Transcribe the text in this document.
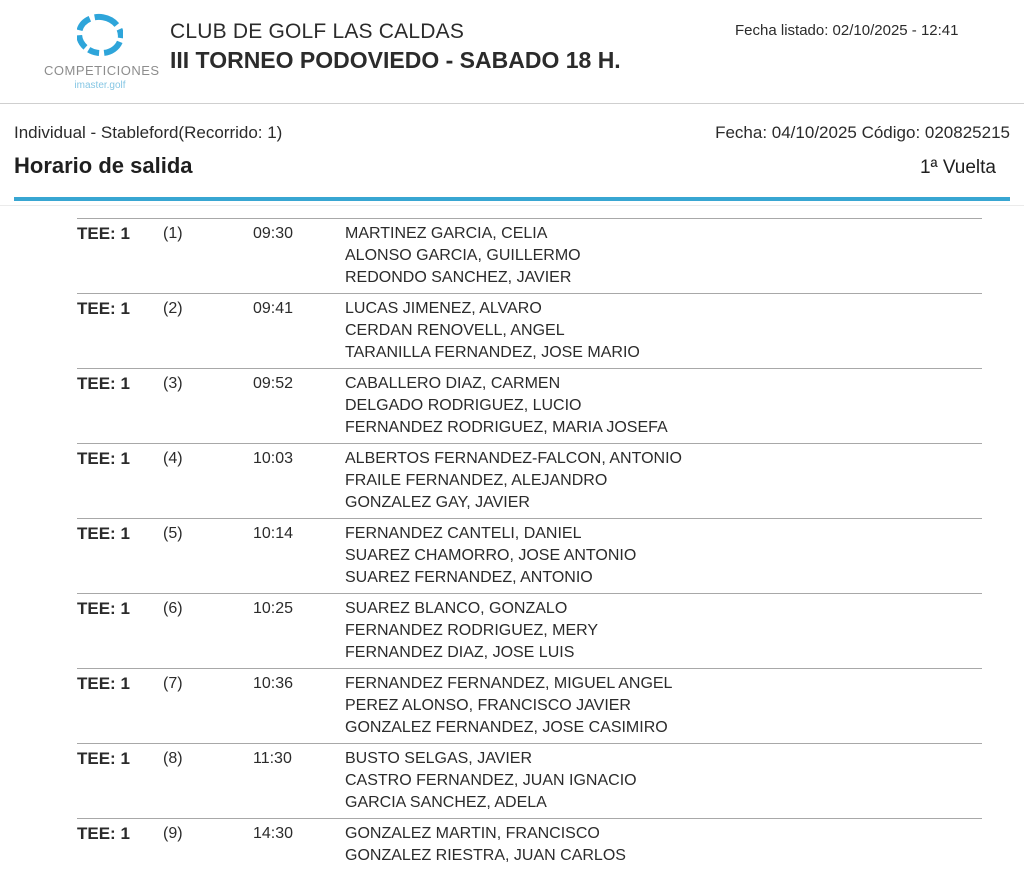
COMPETICIONES
imaster.golf
CLUB DE GOLF LAS CALDAS
III TORNEO PODOVIEDO - SABADO 18 H.
Fecha listado: 02/10/2025 - 12:41
Individual - Stableford(Recorrido: 1)	Fecha: 04/10/2025 Código: 020825215
Horario de salida	1ª Vuelta
TEE: 1	(1)	09:30	MARTINEZ GARCIA, CELIA
ALONSO GARCIA, GUILLERMO
REDONDO SANCHEZ, JAVIER

TEE: 1	(2)	09:41	LUCAS JIMENEZ, ALVARO
CERDAN RENOVELL, ANGEL
TARANILLA FERNANDEZ, JOSE MARIO

TEE: 1	(3)	09:52	CABALLERO DIAZ, CARMEN
DELGADO RODRIGUEZ, LUCIO
FERNANDEZ RODRIGUEZ, MARIA JOSEFA

TEE: 1	(4)	10:03	ALBERTOS FERNANDEZ-FALCON, ANTONIO
FRAILE FERNANDEZ, ALEJANDRO
GONZALEZ GAY, JAVIER

TEE: 1	(5)	10:14	FERNANDEZ CANTELI, DANIEL
SUAREZ CHAMORRO, JOSE ANTONIO
SUAREZ FERNANDEZ, ANTONIO

TEE: 1	(6)	10:25	SUAREZ BLANCO, GONZALO
FERNANDEZ RODRIGUEZ, MERY
FERNANDEZ DIAZ, JOSE LUIS

TEE: 1	(7)	10:36	FERNANDEZ FERNANDEZ, MIGUEL ANGEL
PEREZ ALONSO, FRANCISCO JAVIER
GONZALEZ FERNANDEZ, JOSE CASIMIRO

TEE: 1	(8)	11:30	BUSTO SELGAS, JAVIER
CASTRO FERNANDEZ, JUAN IGNACIO
GARCIA SANCHEZ, ADELA

TEE: 1	(9)	14:30	GONZALEZ MARTIN, FRANCISCO
GONZALEZ RIESTRA, JUAN CARLOS
